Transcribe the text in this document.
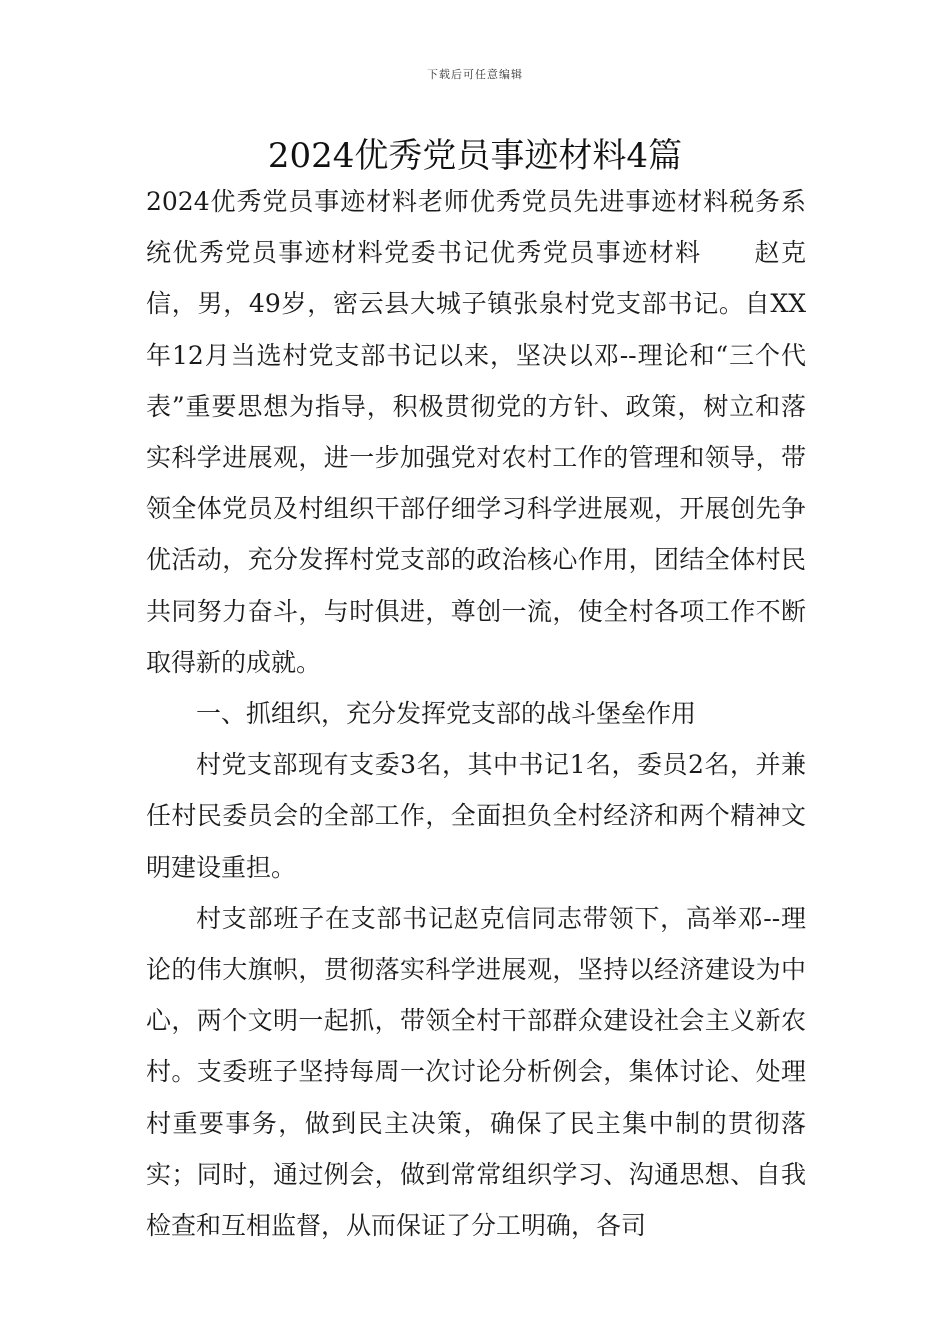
下载后可任意编辑
2024优秀党员事迹材料4篇

2024优秀党员事迹材料老师优秀党员先进事迹材料税务系统优秀党员事迹材料党委书记优秀党员事迹材料　　赵克信，男，49岁，密云县大城子镇张泉村党支部书记。自XX年12月当选村党支部书记以来，坚决以邓--理论和“三个代表”重要思想为指导，积极贯彻党的方针、政策，树立和落实科学进展观，进一步加强党对农村工作的管理和领导，带领全体党员及村组织干部仔细学习科学进展观，开展创先争优活动，充分发挥村党支部的政治核心作用，团结全体村民共同努力奋斗，与时俱进，尊创一流，使全村各项工作不断取得新的成就。

一、抓组织，充分发挥党支部的战斗堡垒作用

村党支部现有支委3名，其中书记1名，委员2名，并兼任村民委员会的全部工作，全面担负全村经济和两个精神文明建设重担。

村支部班子在支部书记赵克信同志带领下，高举邓--理论的伟大旗帜，贯彻落实科学进展观，坚持以经济建设为中心，两个文明一起抓，带领全村干部群众建设社会主义新农村。支委班子坚持每周一次讨论分析例会，集体讨论、处理村重要事务，做到民主决策，确保了民主集中制的贯彻落实；同时，通过例会，做到常常组织学习、沟通思想、自我检查和互相监督，从而保证了分工明确，各司
